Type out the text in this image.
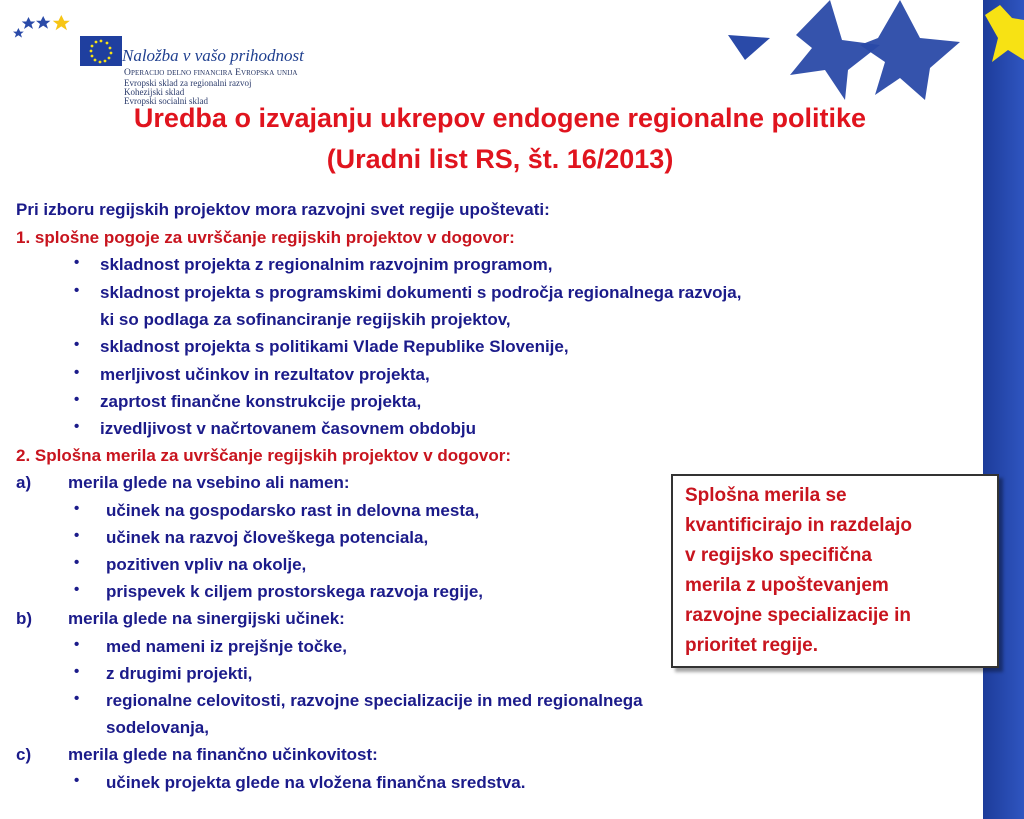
Naložba v vašo prihodnost
Operacijo delno financira Evropska unija
Evropski sklad za regionalni razvoj
Kohezijski sklad
Evropski socialni sklad
Uredba o izvajanju ukrepov endogene regionalne politike
(Uradni list RS, št. 16/2013)
Pri izboru regijskih projektov mora razvojni svet regije upoštevati:
1. splošne pogoje za uvrščanje regijskih projektov v dogovor:
• skladnost projekta z regionalnim razvojnim programom,
• skladnost projekta s programskimi dokumenti s področja regionalnega razvoja,
ki so podlaga za sofinanciranje regijskih projektov,
• skladnost projekta s politikami Vlade Republike Slovenije,
• merljivost učinkov in rezultatov projekta,
• zaprtost finančne konstrukcije projekta,
• izvedljivost v načrtovanem časovnem obdobju
2. Splošna merila za uvrščanje regijskih projektov v dogovor:
a) merila glede na vsebino ali namen:
• učinek na gospodarsko rast in delovna mesta,
• učinek na razvoj človeškega potenciala,
• pozitiven vpliv na okolje,
• prispevek k ciljem prostorskega razvoja regije,
b) merila glede na sinergijski učinek:
• med nameni iz prejšnje točke,
• z drugimi projekti,
• regionalne celovitosti, razvojne specializacije in med regionalnega
sodelovanja,
c) merila glede na finančno učinkovitost:
• učinek projekta glede na vložena finančna sredstva.
Splošna merila se
kvantificirajo in razdelajo
v regijsko specifična
merila z upoštevanjem
razvojne specializacije in
prioritet regije.
